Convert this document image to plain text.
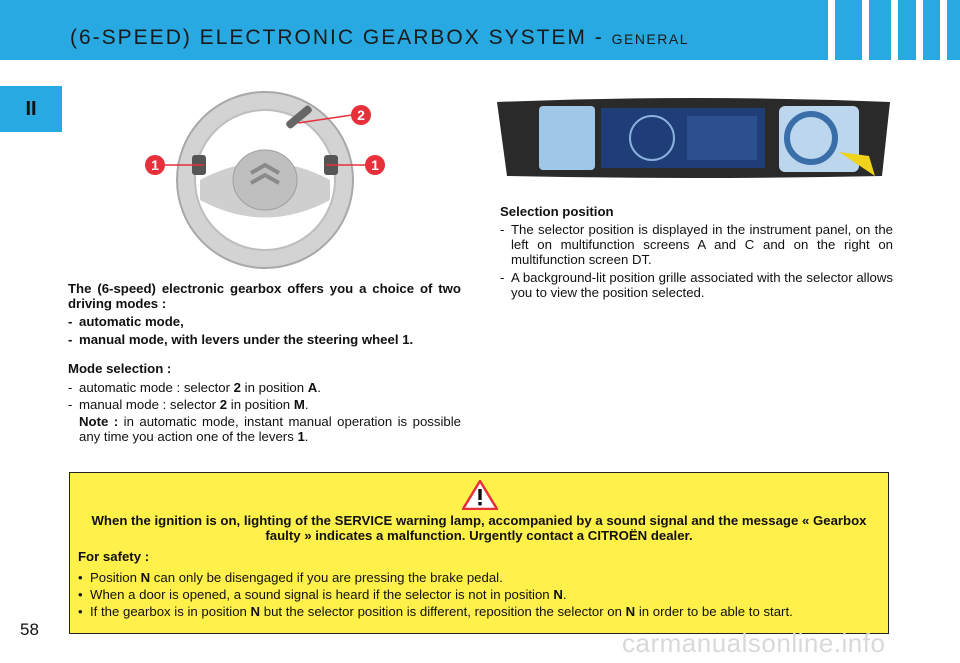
(6-SPEED) ELECTRONIC GEARBOX SYSTEM - GENERAL
II
1	1
2

The (6-speed) electronic gearbox offers you a choice of two driving modes :

- automatic mode,
- manual mode, with levers under the steering wheel 1.

Mode selection :

- automatic mode : selector 2 in position A.
- manual mode : selector 2 in position M.

Note : in automatic mode, instant manual operation is possible any time you action one of the levers 1.

Selection position

- The selector position is displayed in the instrument panel, on the left on multifunction screens A and C and on the right on multifunction screen DT.
- A background-lit position grille associated with the selector allows you to view the position selected.

When the ignition is on, lighting of the SERVICE warning lamp, accompanied by a sound signal and the message « Gearbox faulty » indicates a malfunction. Urgently contact a CITROËN dealer.

For safety :

• Position N can only be disengaged if you are pressing the brake pedal.
• When a door is opened, a sound signal is heard if the selector is not in position N.
• If the gearbox is in position N but the selector position is different, reposition the selector on N in order to be able to start.
58	carmanualsonline.info
